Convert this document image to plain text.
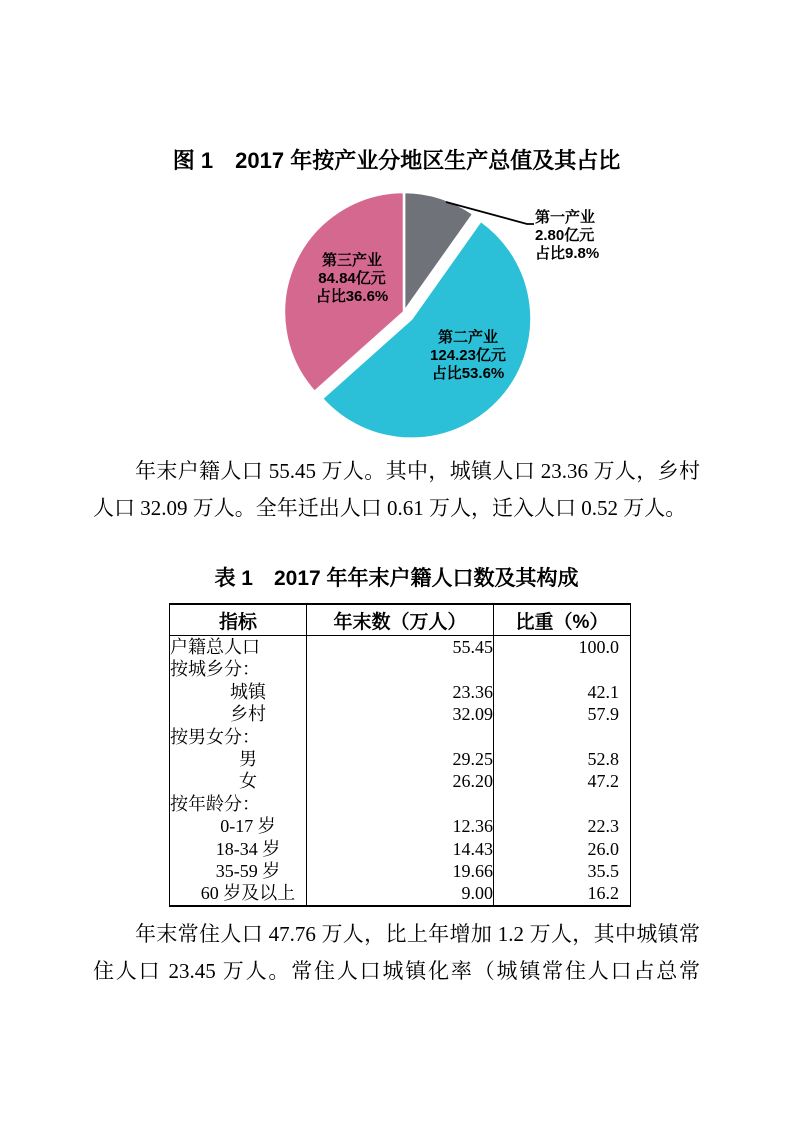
图 1　2017 年按产业分地区生产总值及其占比
第一产业
2.80亿元
占比9.8%
第二产业
124.23亿元
占比53.6%
第三产业
84.84亿元
占比36.6%

年末户籍人口 55.45 万人。其中，城镇人口 23.36 万人，乡村人口 32.09 万人。全年迁出人口 0.61 万人，迁入人口 0.52 万人。

表 1　2017 年年末户籍人口数及其构成
指标	年末数（万人）	比重（%）
户籍总人口	55.45	100.0
按城乡分：		
城镇	23.36	42.1
乡村	32.09	57.9
按男女分：		
男	29.25	52.8
女	26.20	47.2
按年龄分：		
0-17 岁	12.36	22.3
18-34 岁	14.43	26.0
35-59 岁	19.66	35.5
60 岁及以上	9.00	16.2

年末常住人口 47.76 万人，比上年增加 1.2 万人，其中城镇常住人口 23.45 万人。常住人口城镇化率（城镇常住人口占总常
